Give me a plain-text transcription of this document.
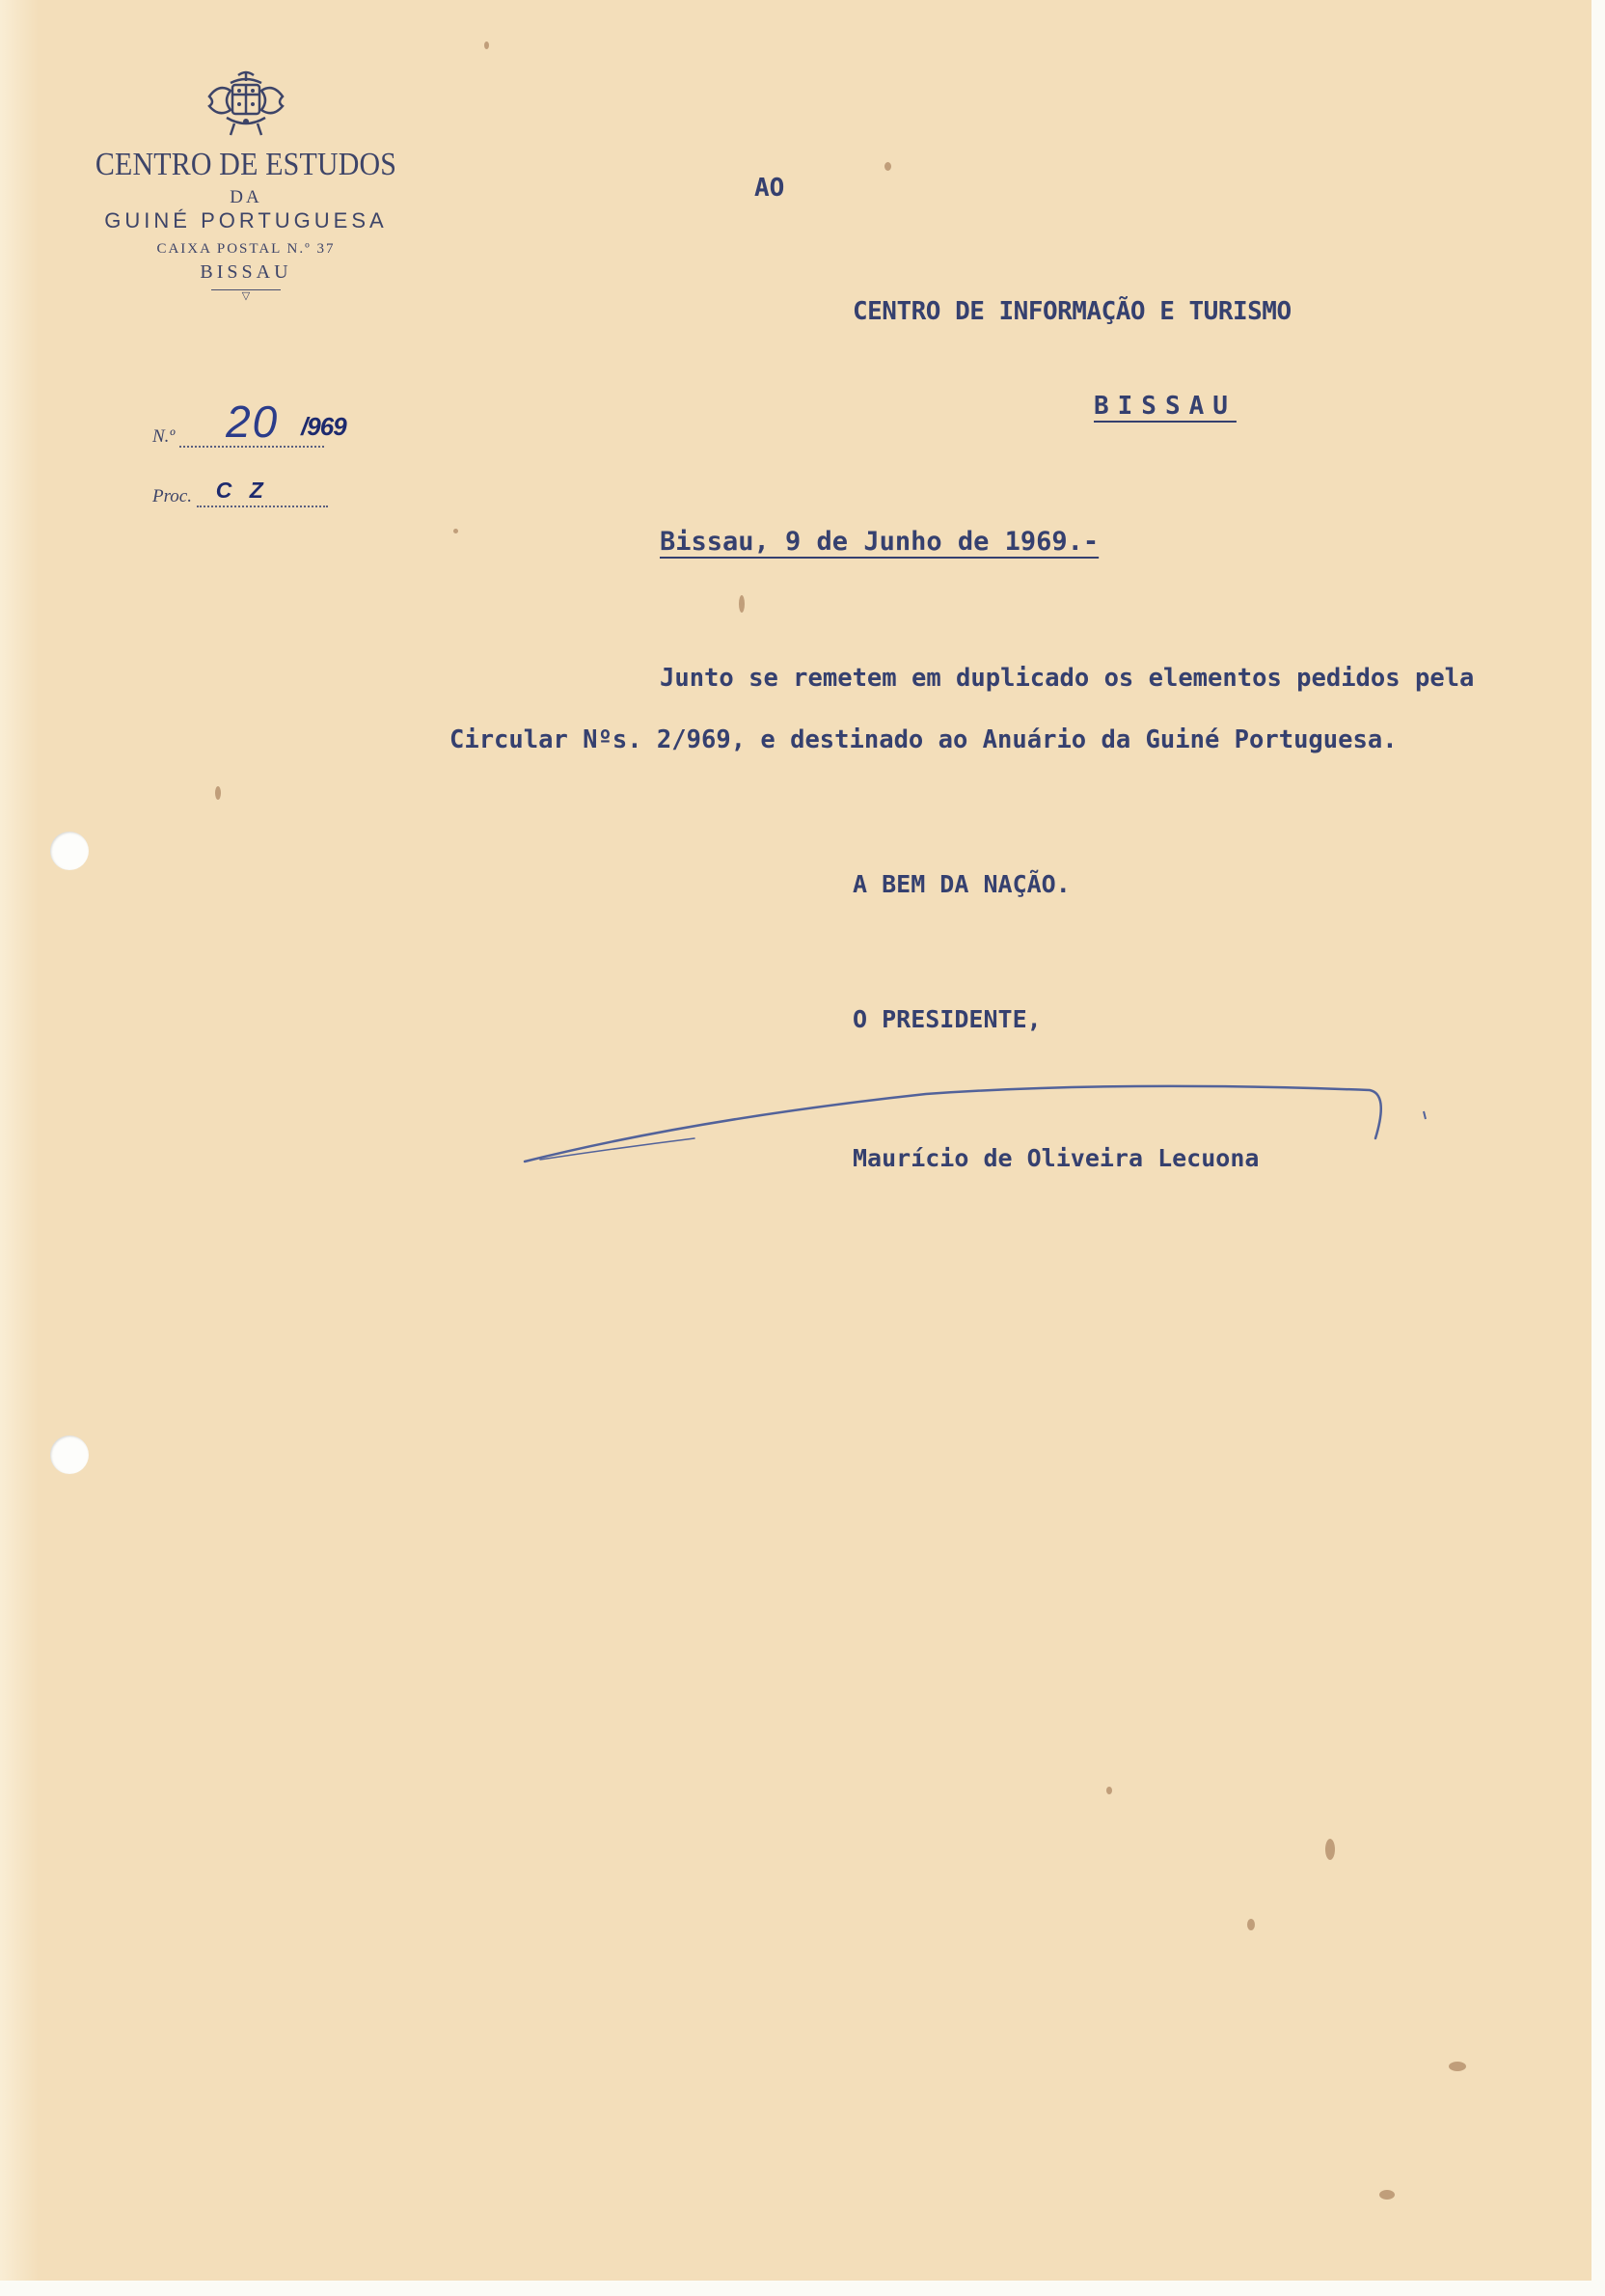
CENTRO DE ESTUDOS
DA
GUINÉ PORTUGUESA
CAIXA POSTAL N.º 37
BISSAU
▽
N.º 20 /969
Proc. C Z
AO
CENTRO DE INFORMAÇÃO E TURISMO
BISSAU
Bissau, 9 de Junho de 1969.-
Junto se remetem em duplicado os elementos pedidos pela
Circular Nºs. 2/969, e destinado ao Anuário da Guiné Portuguesa.
A BEM DA NAÇÃO.
O PRESIDENTE,
Maurício de Oliveira Lecuona
